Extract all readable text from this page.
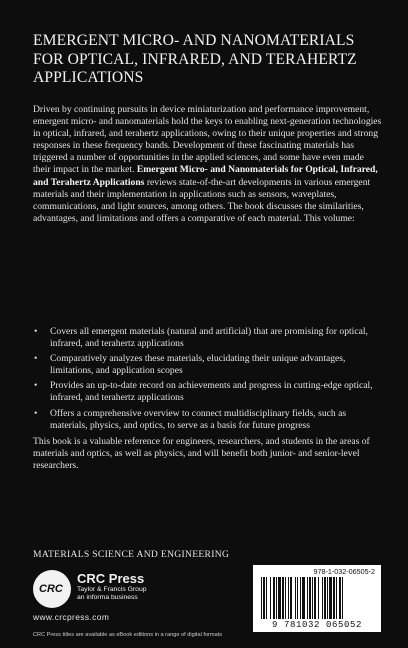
EMERGENT MICRO- AND NANOMATERIALS FOR OPTICAL, INFRARED, AND TERAHERTZ APPLICATIONS

Driven by continuing pursuits in device miniaturization and performance improvement, emergent micro- and nanomaterials hold the keys to enabling next-generation technologies in optical, infrared, and terahertz applications, owing to their unique properties and strong responses in these frequency bands. Development of these fascinating materials has triggered a number of opportunities in the applied sciences, and some have even made their impact in the market. Emergent Micro- and Nanomaterials for Optical, Infrared, and Terahertz Applications reviews state-of-the-art developments in various emergent materials and their implementation in applications such as sensors, waveplates, communications, and light sources, among others. The book discusses the similarities, advantages, and limitations and offers a comparative of each material. This volume:

• Covers all emergent materials (natural and artificial) that are promising for optical, infrared, and terahertz applications
• Comparatively analyzes these materials, elucidating their unique advantages, limitations, and application scopes
• Provides an up-to-date record on achievements and progress in cutting-edge optical, infrared, and terahertz applications
• Offers a comprehensive overview to connect multidisciplinary fields, such as materials, physics, and optics, to serve as a basis for future progress

This book is a valuable reference for engineers, researchers, and students in the areas of materials and optics, as well as physics, and will benefit both junior- and senior-level researchers.

MATERIALS SCIENCE AND ENGINEERING
CRC
CRC Press
Taylor & Francis Group
an informa business
www.crcpress.com
CRC Press titles are available as eBook editions in a range of digital formats
978-1-032-06505-2
9 781032 065052
